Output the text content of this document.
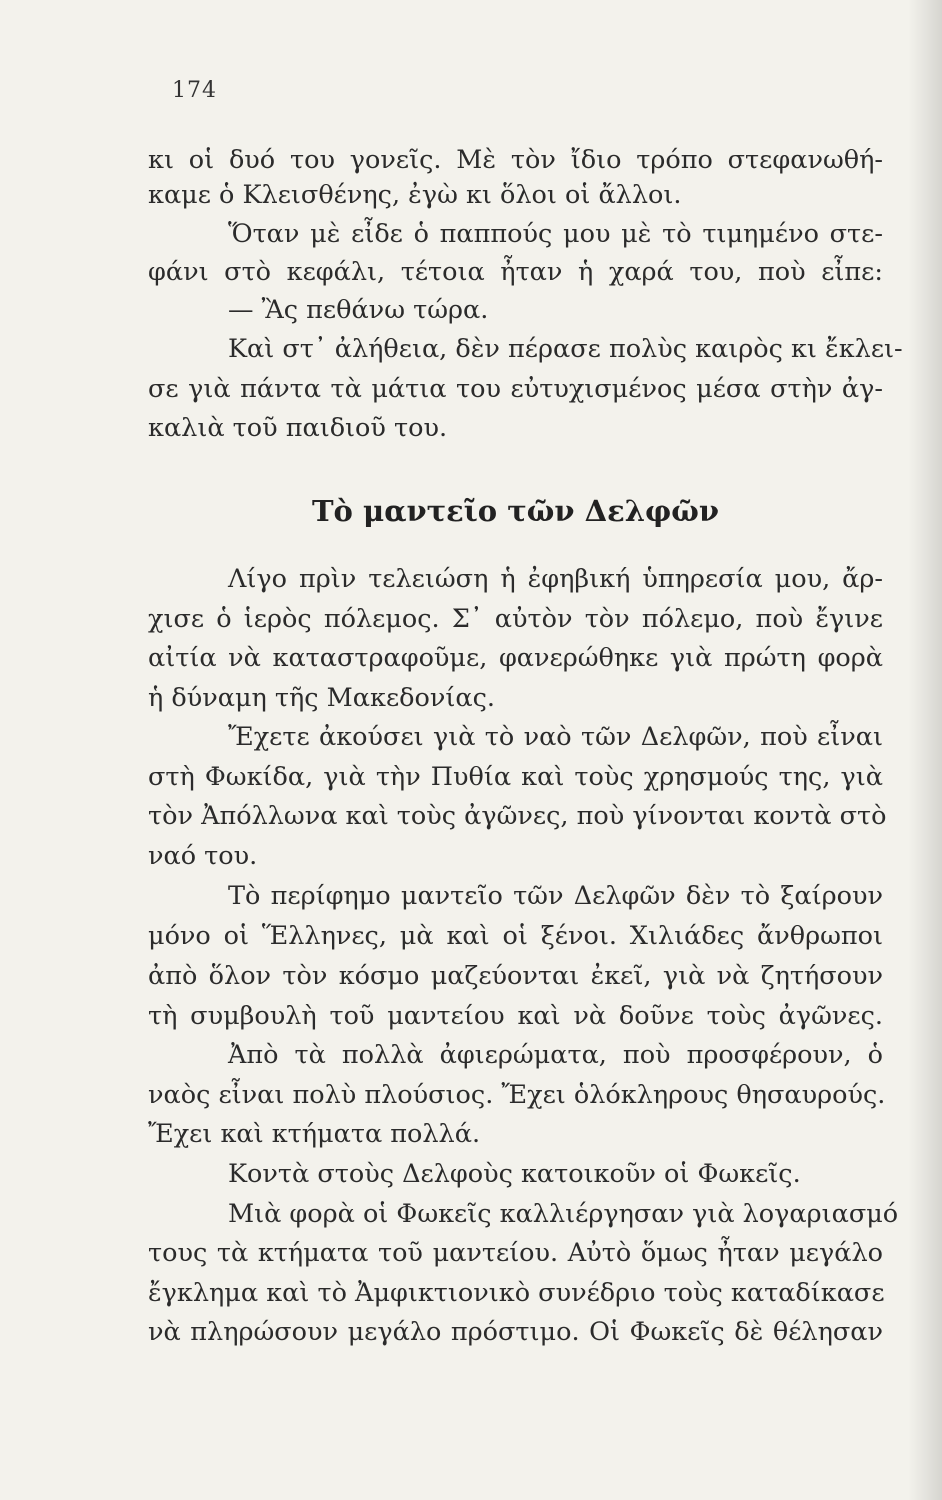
174
κι οἱ δυό του γονεῖς. Μὲ τὸν ἴδιο τρόπο στεφανωθή-
καμε ὁ Κλεισθένης, ἐγὼ κι ὅλοι οἱ ἄλλοι.
Ὅταν μὲ εἶδε ὁ παππούς μου μὲ τὸ τιμημένο στε-
φάνι στὸ κεφάλι, τέτοια ἦταν ἡ χαρά του, ποὺ εἶπε:
— Ἂς πεθάνω τώρα.
Καὶ στ᾿ ἀλήθεια, δὲν πέρασε πολὺς καιρὸς κι ἔκλει-
σε γιὰ πάντα τὰ μάτια του εὐτυχισμένος μέσα στὴν ἀγ-
καλιὰ τοῦ παιδιοῦ του.
Τὸ μαντεῖο τῶν Δελφῶν
Λίγο πρὶν τελειώση ἡ ἐφηβική ὑπηρεσία μου, ἄρ-
χισε ὁ ἱερὸς πόλεμος. Σ᾿ αὐτὸν τὸν πόλεμο, ποὺ ἔγινε
αἰτία νὰ καταστραφοῦμε, φανερώθηκε γιὰ πρώτη φορὰ
ἡ δύναμη τῆς Μακεδονίας.
Ἔχετε ἀκούσει γιὰ τὸ ναὸ τῶν Δελφῶν, ποὺ εἶναι
στὴ Φωκίδα, γιὰ τὴν Πυθία καὶ τοὺς χρησμούς της, γιὰ
τὸν Ἀπόλλωνα καὶ τοὺς ἀγῶνες, ποὺ γίνονται κοντὰ στὸ
ναό του.
Τὸ περίφημο μαντεῖο τῶν Δελφῶν δὲν τὸ ξαίρουν
μόνο οἱ Ἕλληνες, μὰ καὶ οἱ ξένοι. Χιλιάδες ἄνθρωποι
ἀπὸ ὅλον τὸν κόσμο μαζεύονται ἐκεῖ, γιὰ νὰ ζητήσουν
τὴ συμβουλὴ τοῦ μαντείου καὶ νὰ δοῦνε τοὺς ἀγῶνες.
Ἀπὸ τὰ πολλὰ ἀφιερώματα, ποὺ προσφέρουν, ὁ
ναὸς εἶναι πολὺ πλούσιος. Ἔχει ὁλόκληρους θησαυρούς.
Ἔχει καὶ κτήματα πολλά.
Κοντὰ στοὺς Δελφοὺς κατοικοῦν οἱ Φωκεῖς.
Μιὰ φορὰ οἱ Φωκεῖς καλλιέργησαν γιὰ λογαριασμό
τους τὰ κτήματα τοῦ μαντείου. Αὐτὸ ὅμως ἦταν μεγάλο
ἔγκλημα καὶ τὸ Ἀμφικτιονικὸ συνέδριο τοὺς καταδίκασε
νὰ πληρώσουν μεγάλο πρόστιμο. Οἱ Φωκεῖς δὲ θέλησαν
